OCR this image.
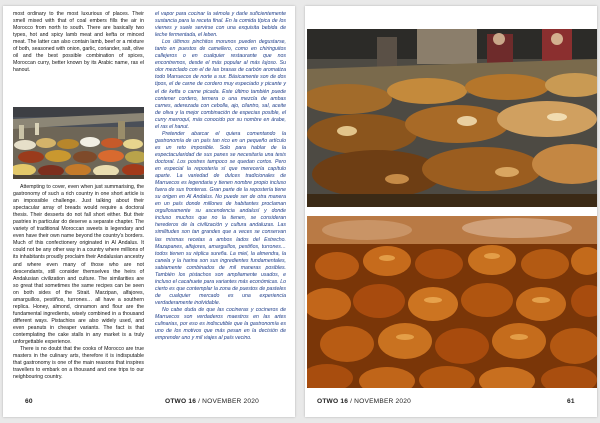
most ordinary to the most luxurious of places. Their smell mixed with that of coal embers fills the air in Morocco from north to south. There are basically two types, hot and spicy lamb meat and kefta or minced meat. The latter can also contain lamb, beef or a mixture of both, seasoned with onion, garlic, coriander, salt, olive oil and the best possible combination of spices, Moroccan curry, better known by its Arabic name, ras el hanout.

Attempting to cover, even when just summarising, the gastronomy of such a rich country in one short article is an impossible challenge. Just talking about their spectacular array of breads would require a doctoral thesis. Their desserts do not fall short either. But their pastries in particular do deserve a separate chapter. The variety of traditional Moroccan sweets is legendary and even have their own name beyond the country's borders. Much of this confectionery originated in Al Andalus. It could not be any other way in a country where millions of its inhabitants proudly proclaim their Andalusian ancestry and where even many of those who are not descendants, still consider themselves the heirs of Andalusian civilization and culture. The similarities are so great that sometimes the same recipes can be seen on both sides of the Strait. Marzipan, alfajores, amarguillos, pestiños, turrones… all have a southern replica. Honey, almond, cinnamon and flour are the fundamental ingredients, wisely combined in a thousand different ways. Pistachios are also widely used, and even peanuts in cheaper variants. The fact is that contemplating the cake stalls in any market is a truly unforgettable experience.

There is no doubt that the cooks of Morocco are true masters in the culinary arts, therefore it is indisputable that gastronomy is one of the main reasons that inspires travellers to embark on a thousand and one trips to our neighbouring country.

el vapor para cocinar la sémola y darle suficientemente sustancia para la receta final. En la comida típica de los viernes y suele servirse con una exquisita bebida de leche fermentada, el leben.

Los últimos pinchitos morunos pueden degustarse, tanto en puestos de camellero, como en chiringuitos callejeros o en cualquier restaurante que nos encontremos, desde el más popular al más lujoso. Su olor mezclado con el de las brasas de carbón aromatiza todo Marruecos de norte a sur. Básicamente son de dos tipos, el de carne de cordero muy especiado y picante y el de kefta o carne picada. Este último también puede contener cordero, ternera o una mezcla de ambas carnes, aderezada con cebolla, ajo, cilantro, sal, aceite de oliva y la mejor combinación de especias posible, el curry marroquí, más conocido por su nombre en árabe, el ras el hanut.

Pretender abarcar el quiera comentando la gastronomía de un país tan rico en un pequeño artículo es un reto imposible. Solo para hablar de la espectacularidad de sus panes se necesitaría una tesis doctoral. Los postres tampoco se quedan cortos. Pero en especial la repostería sí que merecería capítulo aparte. La variedad de dulces tradicionales de Marruecos es legendaria y tienen nombre propio incluso fuera de sus fronteras. Gran parte de la repostería tiene su origen en Al Andalus. No puede ser de otra manera en un país donde millones de habitantes proclaman orgullosamente su ascendencia andalusí y donde incluso muchos que no la tienen, se consideran herederos de la civilización y cultura andaluzas. Las similitudes son tan grandes que a veces se conservan las mismas recetas a ambos lados del Estrecho. Mazapanes, alfajores, amarguillos, pestiños, turrones… todos tienen su réplica sureña. La miel, la almendra, la canela y la harina son sus ingredientes fundamentales, sabiamente combinados de mil maneras posibles. También los pistachos son ampliamente usados, e incluso el cacahuete para variantes más económicas. Lo cierto es que contemplar la zona de puestos de pasteles de cualquier mercado es una experiencia verdaderamente inolvidable.

No cabe duda de que las cocineras y cocineros de Marruecos son verdaderos maestros en las artes culinarias, por eso es indiscutible que la gastronomía es uno de los motivos que más pesan en la decisión de emprender uno y mil viajes al país vecino.

60	OTWO 16 / NOVEMBER 2020	OTWO 16 / NOVEMBER 2020	61
